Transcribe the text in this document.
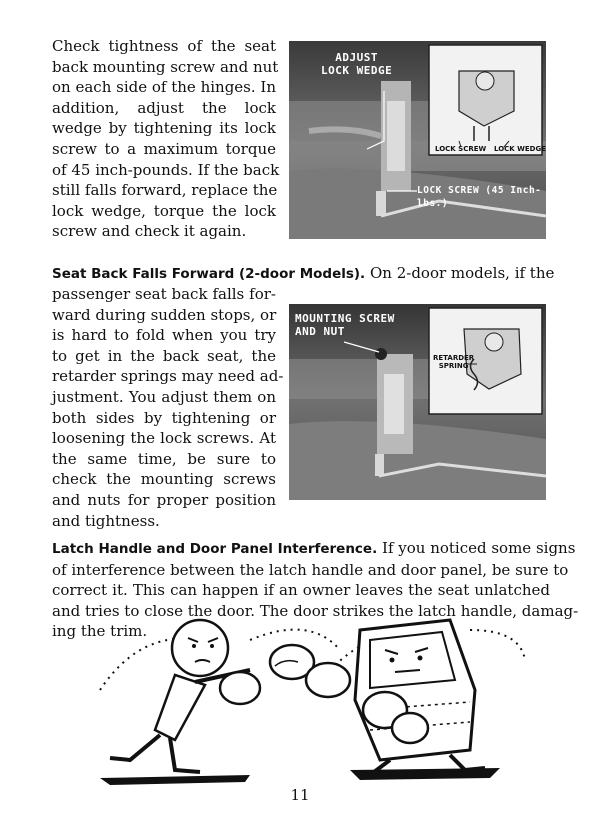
Check tightness of the seat
back mounting screw and nut
on each side of the hinges. In
addition, adjust the lock
wedge by tightening its lock
screw to a maximum torque
of 45 inch-pounds. If the back
still falls forward, replace the
lock wedge, torque the lock
screw and check it again.
ADJUST
LOCK WEDGE
LOCK SCREW LOCK WEDGE
LOCK SCREW (45 Inch-lbs.)
Seat Back Falls Forward (2-door Models). On 2-door models, if the
passenger seat back falls for-
ward during sudden stops, or
is hard to fold when you try
to get in the back seat, the
retarder springs may need ad-
justment. You adjust them on
both sides by tightening or
loosening the lock screws. At
the same time, be sure to
check the mounting screws
and nuts for proper position
and tightness.
MOUNTING SCREW
AND NUT
RETARDER
SPRING
Latch Handle and Door Panel Interference. If you noticed some signs
of interference between the latch handle and door panel, be sure to
correct it. This can happen if an owner leaves the seat unlatched
and tries to close the door. The door strikes the latch handle, damag-
ing the trim.
11
